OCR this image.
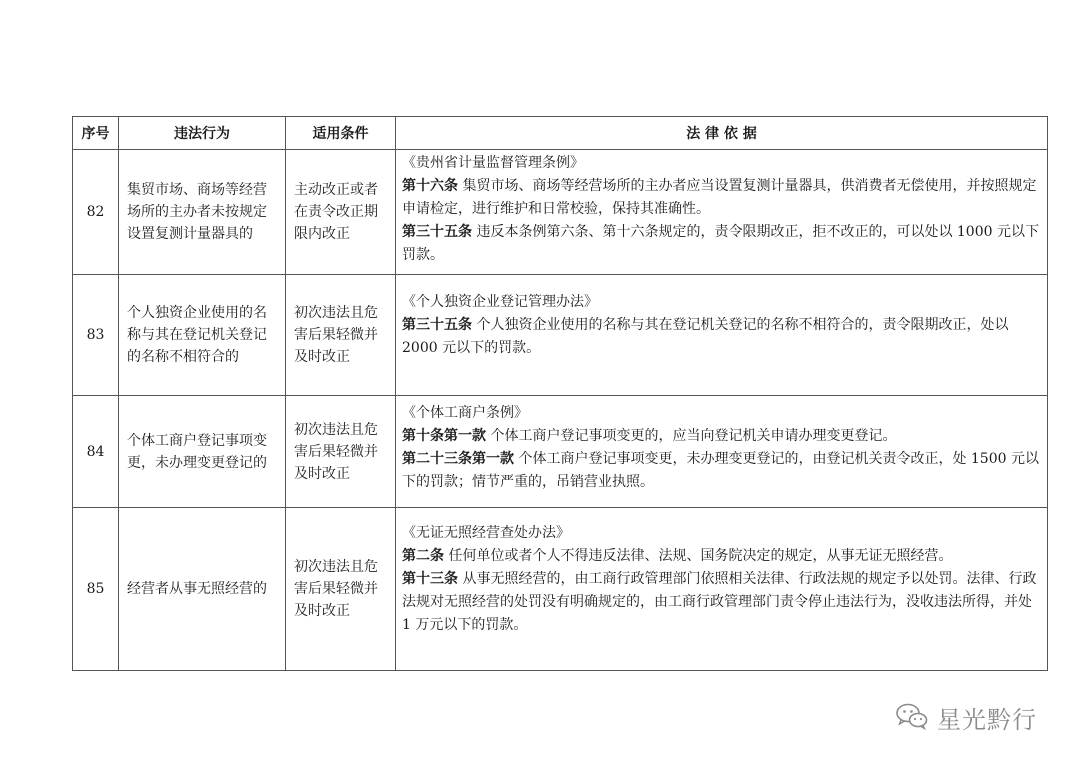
序号	违法行为	适用条件	法 律 依 据
82	集贸市场、商场等经营场所的主办者未按规定设置复测计量器具的	主动改正或者在责令改正期限内改正	《贵州省计量监督管理条例》

第十六条 集贸市场、商场等经营场所的主办者应当设置复测计量器具，供消费者无偿使用，并按照规定申请检定，进行维护和日常校验，保持其准确性。

第三十五条 违反本条例第六条、第十六条规定的，责令限期改正，拒不改正的，可以处以 1000 元以下罚款。

83	个人独资企业使用的名称与其在登记机关登记的名称不相符合的	初次违法且危害后果轻微并及时改正	《个人独资企业登记管理办法》

第三十五条 个人独资企业使用的名称与其在登记机关登记的名称不相符合的，责令限期改正，处以 2000 元以下的罚款。

84	个体工商户登记事项变更，未办理变更登记的	初次违法且危害后果轻微并及时改正	《个体工商户条例》

第十条第一款 个体工商户登记事项变更的，应当向登记机关申请办理变更登记。

第二十三条第一款 个体工商户登记事项变更，未办理变更登记的，由登记机关责令改正，处 1500 元以下的罚款；情节严重的，吊销营业执照。

85	经营者从事无照经营的	初次违法且危害后果轻微并及时改正	《无证无照经营查处办法》

第二条 任何单位或者个人不得违反法律、法规、国务院决定的规定，从事无证无照经营。

第十三条 从事无照经营的，由工商行政管理部门依照相关法律、行政法规的规定予以处罚。法律、行政法规对无照经营的处罚没有明确规定的，由工商行政管理部门责令停止违法行为，没收违法所得，并处 1 万元以下的罚款。

星光黔行
